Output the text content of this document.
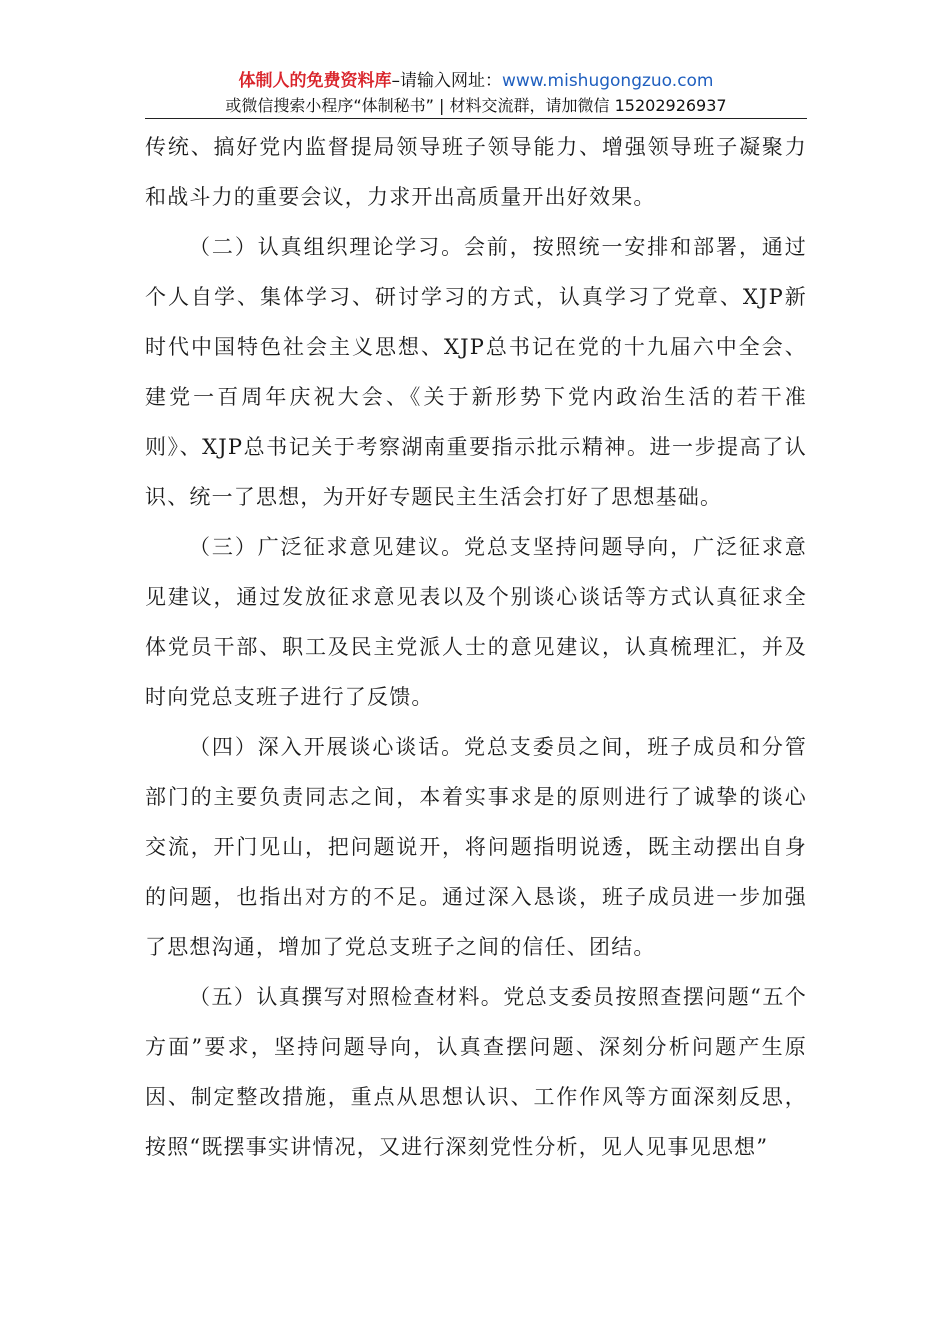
体制人的免费资料库–请输入网址：www.mishugongzuo.com
或微信搜索小程序“体制秘书” | 材料交流群，请加微信 15202926937

传统、搞好党内监督提局领导班子领导能力、增强领导班子凝聚力和战斗力的重要会议，力求开出高质量开出好效果。

（二）认真组织理论学习。会前，按照统一安排和部署，通过个人自学、集体学习、研讨学习的方式，认真学习了党章、XJP新时代中国特色社会主义思想、XJP总书记在党的十九届六中全会、建党一百周年庆祝大会、《关于新形势下党内政治生活的若干准则》、XJP总书记关于考察湖南重要指示批示精神。进一步提高了认识、统一了思想，为开好专题民主生活会打好了思想基础。

（三）广泛征求意见建议。党总支坚持问题导向，广泛征求意见建议，通过发放征求意见表以及个别谈心谈话等方式认真征求全体党员干部、职工及民主党派人士的意见建议，认真梳理汇，并及时向党总支班子进行了反馈。

（四）深入开展谈心谈话。党总支委员之间，班子成员和分管部门的主要负责同志之间，本着实事求是的原则进行了诚挚的谈心交流，开门见山，把问题说开，将问题指明说透，既主动摆出自身的问题，也指出对方的不足。通过深入恳谈，班子成员进一步加强了思想沟通，增加了党总支班子之间的信任、团结。

（五）认真撰写对照检查材料。党总支委员按照查摆问题“五个方面”要求，坚持问题导向，认真查摆问题、深刻分析问题产生原因、制定整改措施，重点从思想认识、工作作风等方面深刻反思，按照“既摆事实讲情况，又进行深刻党性分析，见人见事见思想”
